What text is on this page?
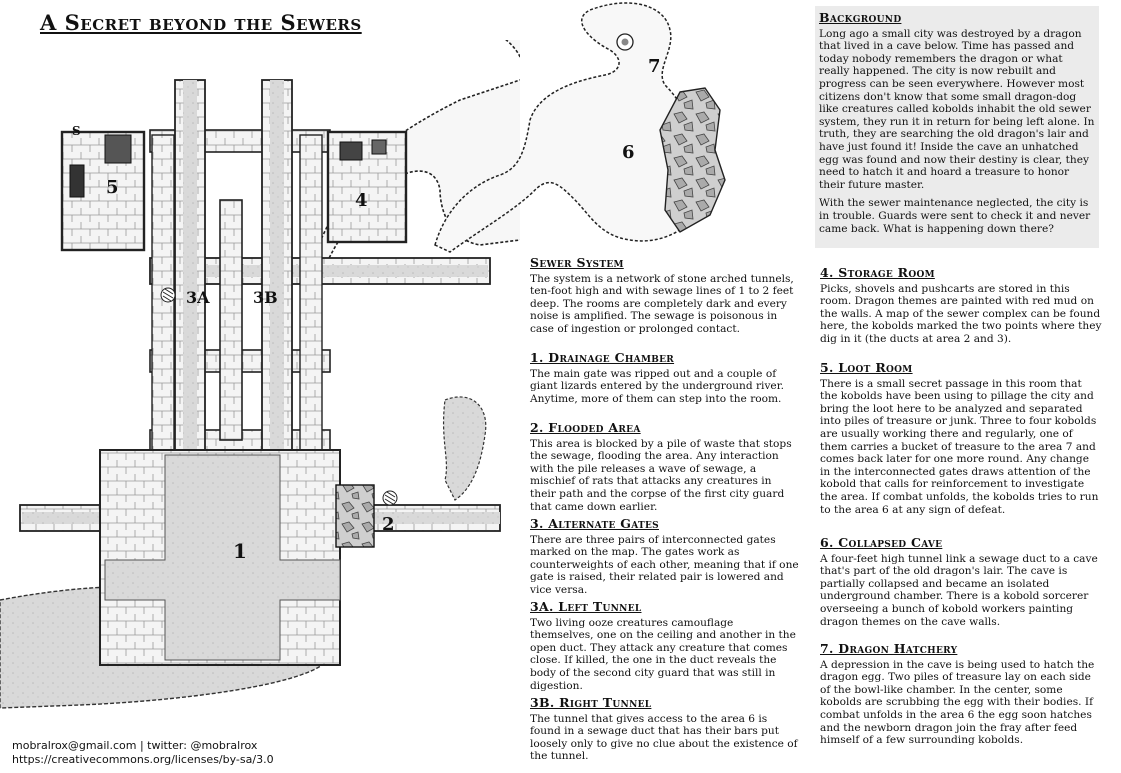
A Secret beyond the Sewers
1
2
3A	3B
4
5
S
6
7
mobralrox@gmail.com | twitter: @mobralrox
https://creativecommons.org/licenses/by-sa/3.0
Background

Long ago a small city was destroyed by a dragon that lived in a cave below. Time has passed and today nobody remembers the dragon or what really happened. The city is now rebuilt and progress can be seen everywhere. However most citizens don't know that some small dragon-dog like creatures called kobolds inhabit the old sewer system, they run it in return for being left alone. In truth, they are searching the old dragon's lair and have just found it! Inside the cave an unhatched egg was found and now their destiny is clear, they need to hatch it and hoard a treasure to honor their future master.

With the sewer maintenance neglected, the city is in trouble. Guards were sent to check it and never came back. What is happening down there?

Sewer System

The system is a network of stone arched tunnels, ten-foot high and with sewage lines of 1 to 2 feet deep. The rooms are completely dark and every noise is amplified. The sewage is poisonous in case of ingestion or prolonged contact.

1. Drainage Chamber

The main gate was ripped out and a couple of giant lizards entered by the underground river. Anytime, more of them can step into the room.

2. Flooded Area

This area is blocked by a pile of waste that stops the sewage, flooding the area. Any interaction with the pile releases a wave of sewage, a mischief of rats that attacks any creatures in their path and the corpse of the first city guard that came down earlier.

3. Alternate Gates

There are three pairs of interconnected gates marked on the map. The gates work as counterweights of each other, meaning that if one gate is raised, their related pair is lowered and vice versa.

3A. Left Tunnel

Two living ooze creatures camouflage themselves, one on the ceiling and another in the open duct. They attack any creature that comes close. If killed, the one in the duct reveals the body of the second city guard that was still in digestion.

3B. Right Tunnel

The tunnel that gives access to the area 6 is found in a sewage duct that has their bars put loosely only to give no clue about the existence of the tunnel.

4. Storage Room

Picks, shovels and pushcarts are stored in this room. Dragon themes are painted with red mud on the walls. A map of the sewer complex can be found here, the kobolds marked the two points where they dig in it (the ducts at area 2 and 3).

5. Loot Room

There is a small secret passage in this room that the kobolds have been using to pillage the city and bring the loot here to be analyzed and separated into piles of treasure or junk. Three to four kobolds are usually working there and regularly, one of them carries a bucket of treasure to the area 7 and comes back later for one more round. Any change in the interconnected gates draws attention of the kobold that calls for reinforcement to investigate the area. If combat unfolds, the kobolds tries to run to the area 6 at any sign of defeat.

6. Collapsed Cave

A four-feet high tunnel link a sewage duct to a cave that's part of the old dragon's lair. The cave is partially collapsed and became an isolated underground chamber. There is a kobold sorcerer overseeing a bunch of kobold workers painting dragon themes on the cave walls.

7. Dragon Hatchery

A depression in the cave is being used to hatch the dragon egg. Two piles of treasure lay on each side of the bowl-like chamber. In the center, some kobolds are scrubbing the egg with their bodies. If combat unfolds in the area 6 the egg soon hatches and the newborn dragon join the fray after feed himself of a few surrounding kobolds.
